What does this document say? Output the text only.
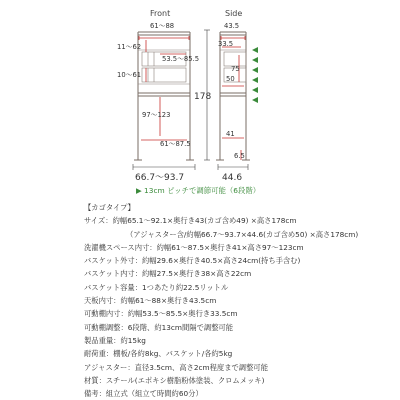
Front
61～88
11～62
53.5～85.5
10～61
97～123
61～87.5
66.7～93.7
178
Side
43.5
33.5
75
50
41
6.5
44.6
▶ 13cm ピッチで調節可能（6段階）
【カゴタイプ】
サイズ：約幅65.1～92.1×奥行き43(カゴ含め49) ×高さ178cm
（アジャスター含/約幅66.7～93.7×44.6(カゴ含め50) ×高さ178cm)
洗濯機スペース内寸：約幅61～87.5×奥行き41×高さ97～123cm
バスケット外寸：約幅29.6×奥行き40.5×高さ24cm(持ち手含む)
バスケット内寸：約幅27.5×奥行き38×高さ22cm
バスケット容量：1つあたり約22.5リットル
天板内寸：約幅61～88×奥行き43.5cm
可動棚内寸：約幅53.5～85.5×奥行き33.5cm
可動棚調整：6段階、約13cm間隔で調整可能
製品重量：約15kg
耐荷重：棚板/各約8kg、バスケット/各約5kg
アジャスター：直径3.5cm、高さ2cm程度まで調整可能
材質：スチール(エポキシ樹脂粉体塗装、クロムメッキ)
備考：組立式（組立て時間約60分）
